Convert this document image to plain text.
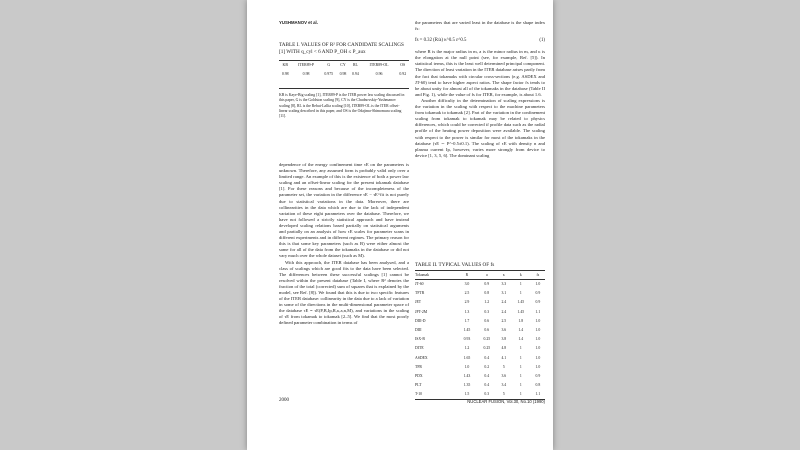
YUSHMANOV et al.
TABLE I. VALUES OF R² FOR CANDIDATE SCALINGS [1] WITH q_cyl < 6 AND P_OH ≤ P_aux
KB	ITER89-P	G	CY	RL	ITER89-OL	OS
0.98	0.98	0.975	0.98	0.94	0.96	0.92
KB is Kaye-Big scaling [1], ITER89-P is the ITER power law scaling discussed in this paper, G is the Goldston scaling [9], CY is the Chudnovskiy-Yushmanov scaling [8], RL is the Rebut-Lallia scaling [10], ITER89-OL is the ITER offset-linear scaling described in this paper, and OS is the Odajima-Shimomura scaling [11].

dependence of the energy confinement time τE on the parameters is unknown. Therefore, any assumed form is probably valid only over a limited range. An example of this is the existence of both a power law scaling and an offset-linear scaling for the present tokamak database [1]. For these reasons and because of the incompleteness of the parameter set, the variation in the difference τE − τE^fit is not purely due to statistical variations in the data. Moreover, there are collinearities in the data which are due to the lack of independent variation of these eight parameters over the database. Therefore, we have not followed a strictly statistical approach and have instead developed scaling relations based partially on statistical arguments and partially on an analysis of how τE scales for parameter scans in different experiments and in different regimes. The primary reason for this is that some key parameters (such as B) were either almost the same for all of the data from the tokamaks in the database or did not vary much over the whole dataset (such as M).

With this approach, the ITER database has been analysed, and a class of scalings which are good fits to the data have been selected. The differences between these successful scalings [1] cannot be resolved within the present database (Table I, where R² denotes the fraction of the total (corrected) sum of squares that is explained by the model, see Ref. [8]). We found that this is due to two specific features of the ITER database: collinearity in the data due to a lack of variation in some of the directions in the multi-dimensional parameter space of the database τE = τE(P,B,Ip,R,κ,a,n,M), and variations in the scaling of τE from tokamak to tokamak [2–5]. We find that the most poorly defined parameter combination in terms of

the parameters that are varied least in the database is the shape index fs:

fs = 0.32 (R/a) κ^0.5 ε^0.5	(1)

where R is the major radius in m, a is the minor radius in m, and κ is the elongation at the null point (see, for example, Ref. [5]). In statistical terms, this is the least well determined principal component. The direction of least variation in the ITER database arises partly from the fact that tokamaks with circular cross-sections (e.g. ASDEX and JT-60) tend to have higher aspect ratios. The shape factor fs tends to be about unity for almost all of the tokamaks in the database (Table II and Fig. 1), while the value of fs for ITER, for example, is about 1.6.

Another difficulty in the determination of scaling expressions is the variation in the scaling with respect to the machine parameters from tokamak to tokamak [2]. Part of the variation in the confinement scaling from tokamak to tokamak may be related to physics differences, which could be corrected if profile data such as the radial profile of the heating power deposition were available. The scaling with respect to the power is similar for most of the tokamaks in the database (τE ∼ P^-0.5±0.1). The scaling of τE with density n and plasma current Ip, however, varies more strongly from device to device [1, 3, 5, 6]. The dominant scaling

TABLE II. TYPICAL VALUES OF fs
Tokamak	R	a	κ	k	fs
JT-60	3.0	0.9	3.3	1	1.0
TFTR	2.5	0.8	3.1	1	0.9
JET	2.9	1.2	2.4	1.45	0.9
JFT-2M	1.3	0.3	2.4	1.45	1.1
DIII-D	1.7	0.6	2.5	1.8	1.0
DIII	1.45	0.6	3.6	1.4	1.0
ISX-B	0.93	0.25	3.8	1.4	1.0
DITE	1.2	0.25	4.8	1	1.0
ASDEX	1.65	0.4	4.1	1	1.0
TFR	1.0	0.2	5	1	1.0
PDX	1.43	0.4	3.6	1	0.9
PLT	1.35	0.4	3.4	1	0.8
T-10	1.5	0.3	5	1	1.1
2000	NUCLEAR FUSION, Vol.30, No.10 (1990)
